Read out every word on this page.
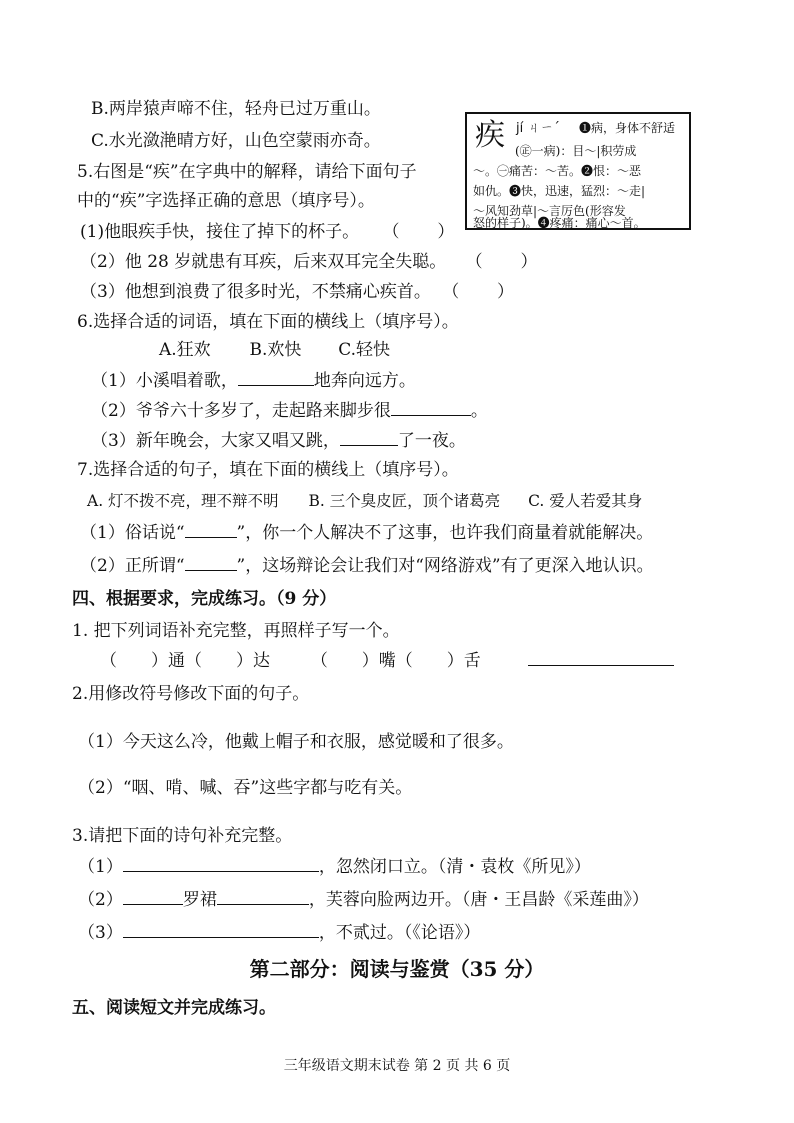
B.两岸猿声啼不住，轻舟已过万重山。
C.水光潋滟晴方好，山色空蒙雨亦奇。
5.右图是“疾”在字典中的解释，请给下面句子
中的“疾”字选择正确的意思（填序号）。
(1)他眼疾手快，接住了掉下的杯子。 （       ）
（2）他 28 岁就患有耳疾，后来双耳完全失聪。 （       ）
（3）他想到浪费了很多时光，不禁痛心疾首。 （       ）
疾 jí ㄐㄧˊ ❶病，身体不舒适
(㊣一病)：目～|积劳成
～。㊀痛苦：～苦。❷恨：～恶
如仇。❸快，迅速，猛烈：～走|
～风知劲草|～言厉色(形容发
怒的样子)。❹疼痛：痛心～首。
6.选择合适的词语，填在下面的横线上（填序号）。
A.狂欢 B.欢快 C.轻快
（1）小溪唱着歌，	地奔向远方。
（2）爷爷六十多岁了，走起路来脚步很	。
（3）新年晚会，大家又唱又跳，	了一夜。
7.选择合适的句子，填在下面的横线上（填序号）。
A. 灯不拨不亮，理不辩不明 B. 三个臭皮匠，顶个诸葛亮 C. 爱人若爱其身
（1）俗话说“	”，你一个人解决不了这事，也许我们商量着就能解决。
（2）正所谓“	”，这场辩论会让我们对“网络游戏”有了更深入地认识。
四、根据要求，完成练习。（9 分）
1. 把下列词语补充完整，再照样子写一个。
（　　）通（　　）达 （　　）嘴（　　）舌
2.用修改符号修改下面的句子。
（1）今天这么冷，他戴上帽子和衣服，感觉暖和了很多。
（2）“咽、啃、喊、吞”这些字都与吃有关。
3.请把下面的诗句补充完整。
（1）	，忽然闭口立。（清・袁枚《所见》）
（2）	罗裙	，芙蓉向脸两边开。（唐・王昌龄《采莲曲》）
（3）	，不贰过。（《论语》）
第二部分：阅读与鉴赏（35 分）
五、阅读短文并完成练习。
三年级语文期末试卷 第 2 页 共 6 页
